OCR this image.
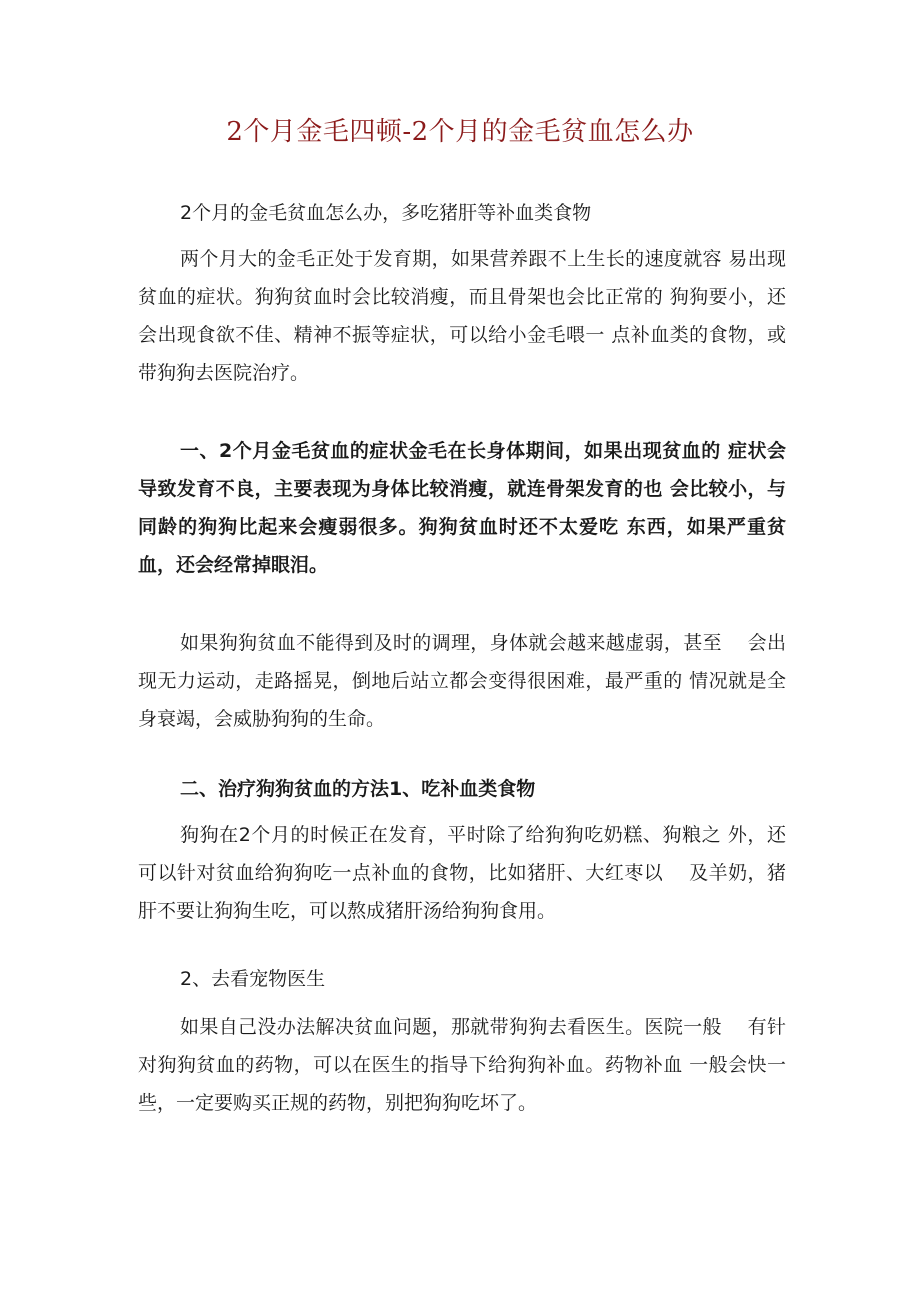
2个月金毛四顿-2个月的金毛贫血怎么办

2个月的金毛贫血怎么办，多吃猪肝等补血类食物

两个月大的金毛正处于发育期，如果营养跟不上生长的速度就容 易出现贫血的症状。狗狗贫血时会比较消瘦，而且骨架也会比正常的 狗狗要小，还会出现食欲不佳、精神不振等症状，可以给小金毛喂一 点补血类的食物，或带狗狗去医院治疗。

一、2个月金毛贫血的症状金毛在长身体期间，如果出现贫血的 症状会导致发育不良，主要表现为身体比较消瘦，就连骨架发育的也 会比较小，与同龄的狗狗比起来会瘦弱很多。狗狗贫血时还不太爱吃 东西，如果严重贫血，还会经常掉眼泪。

如果狗狗贫血不能得到及时的调理，身体就会越来越虚弱，甚至　 会出现无力运动，走路摇晃，倒地后站立都会变得很困难，最严重的 情况就是全身衰竭，会威胁狗狗的生命。

二、治疗狗狗贫血的方法1、吃补血类食物

狗狗在2个月的时候正在发育，平时除了给狗狗吃奶糕、狗粮之 外，还可以针对贫血给狗狗吃一点补血的食物，比如猪肝、大红枣以　 及羊奶，猪肝不要让狗狗生吃，可以熬成猪肝汤给狗狗食用。

2、去看宠物医生

如果自己没办法解决贫血问题，那就带狗狗去看医生。医院一般　 有针对狗狗贫血的药物，可以在医生的指导下给狗狗补血。药物补血 一般会快一些，一定要购买正规的药物，别把狗狗吃坏了。
